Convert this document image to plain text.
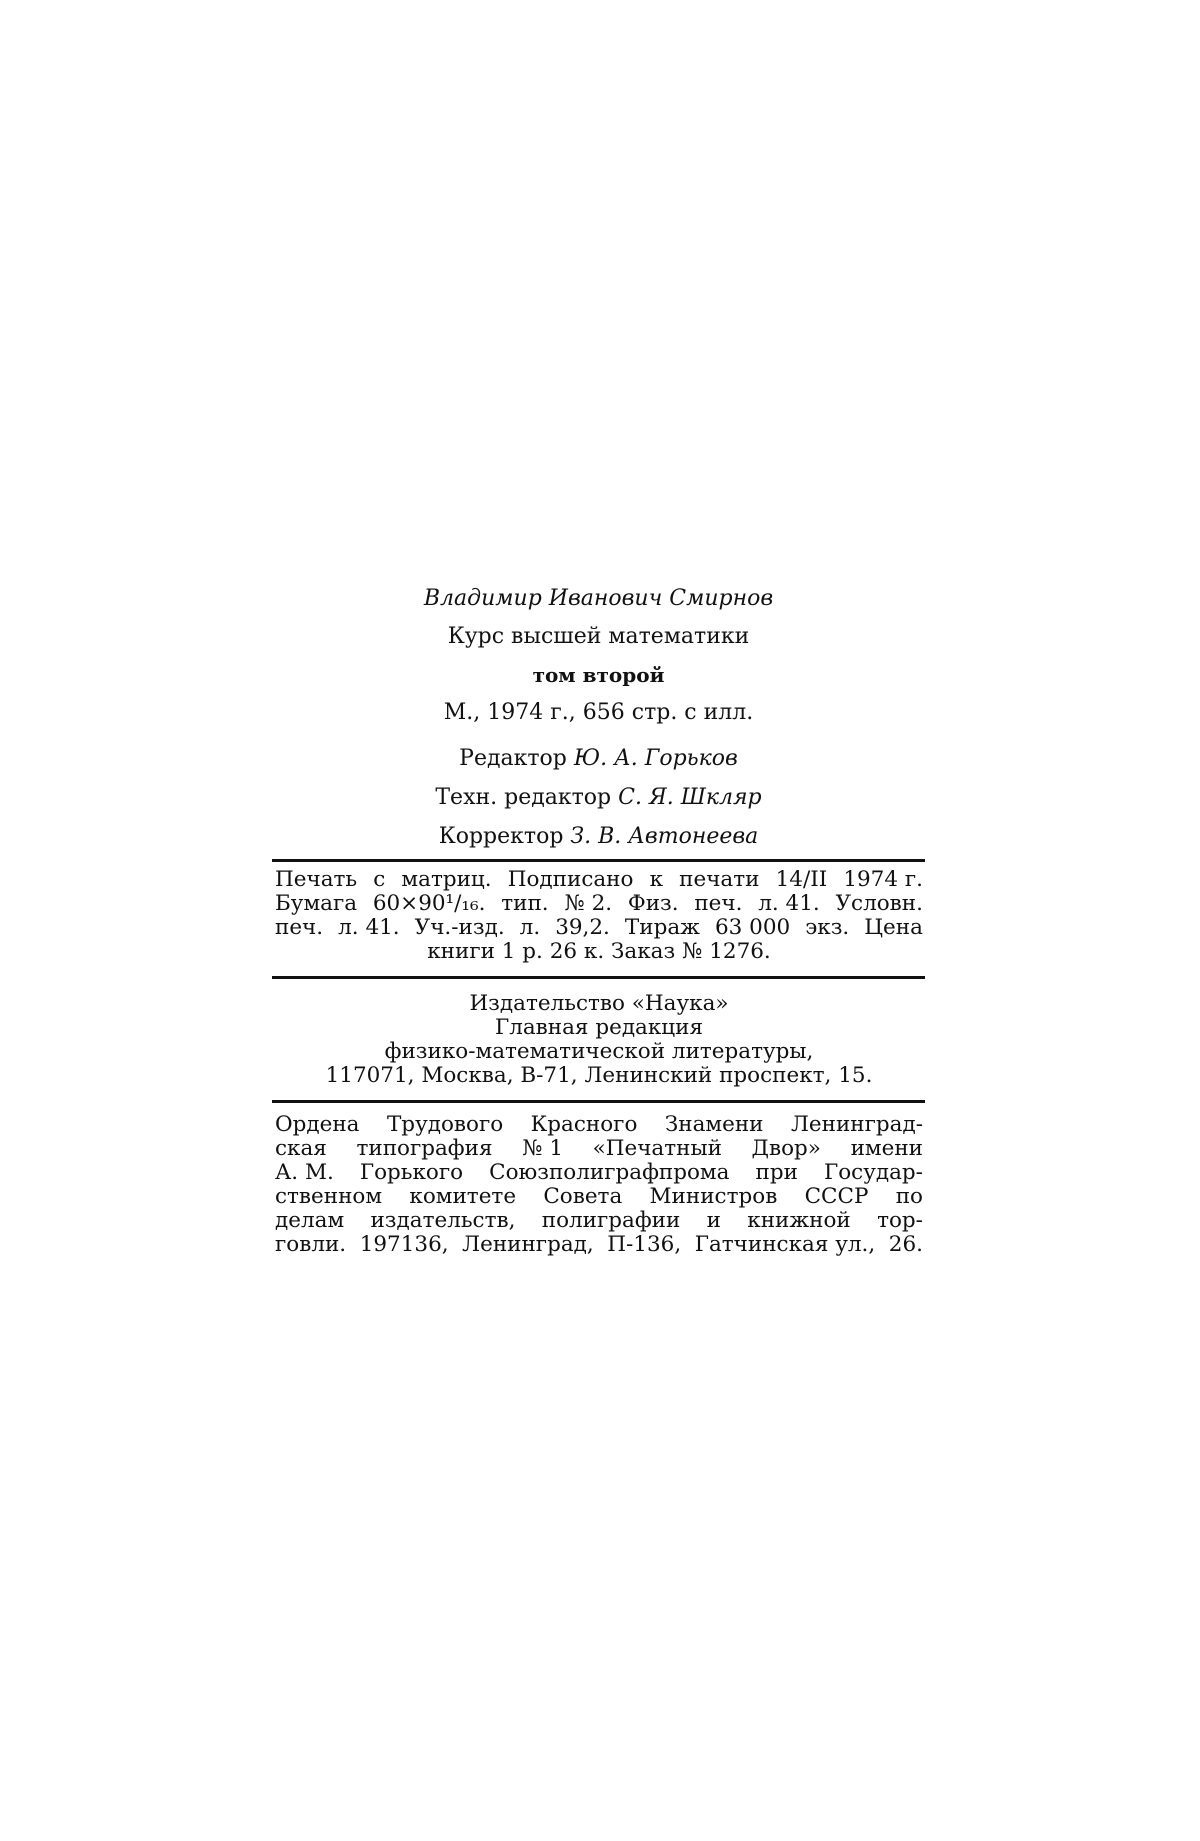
Владимир Иванович Смирнов
Курс высшей математики
том второй
М., 1974 г., 656 стр. с илл.
Редактор Ю. А. Горьков
Техн. редактор С. Я. Шкляр
Корректор З. В. Автонеева
Печать с матриц. Подписано к печати 14/II 1974 г.
Бумага 60×90¹/₁₆. тип. № 2. Физ. печ. л. 41. Условн.
печ. л. 41. Уч.-изд. л. 39,2. Тираж 63 000 экз. Цена
книги 1 р. 26 к. Заказ № 1276.
Издательство «Наука»
Главная редакция
физико-математической литературы,
117071, Москва, В-71, Ленинский проспект, 15.
Ордена Трудового Красного Знамени Ленинград-
ская типография № 1 «Печатный Двор» имени
А. М. Горького Союзполиграфпрома при Государ-
ственном комитете Совета Министров СССР по
делам издательств, полиграфии и книжной тор-
говли. 197136, Ленинград, П-136, Гатчинская ул., 26.
